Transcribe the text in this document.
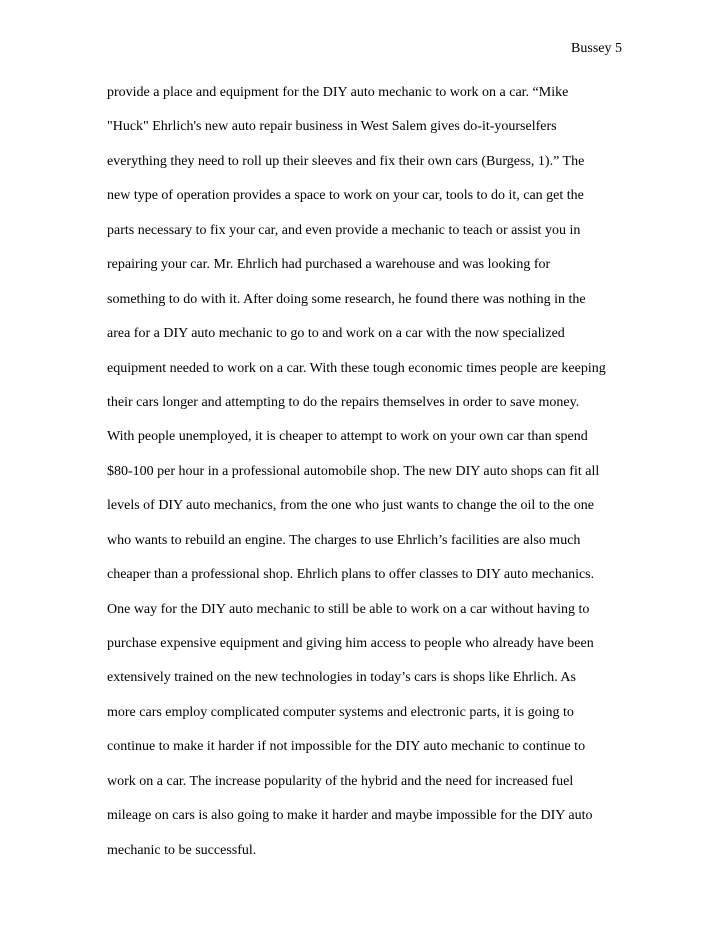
Bussey 5
provide a place and equipment for the DIY auto mechanic to work on a car. “Mike
"Huck" Ehrlich's new auto repair business in West Salem gives do-it-yourselfers
everything they need to roll up their sleeves and fix their own cars (Burgess, 1).” The
new type of operation provides a space to work on your car, tools to do it, can get the
parts necessary to fix your car, and even provide a mechanic to teach or assist you in
repairing your car. Mr. Ehrlich had purchased a warehouse and was looking for
something to do with it. After doing some research, he found there was nothing in the
area for a DIY auto mechanic to go to and work on a car with the now specialized
equipment needed to work on a car. With these tough economic times people are keeping
their cars longer and attempting to do the repairs themselves in order to save money.
With people unemployed, it is cheaper to attempt to work on your own car than spend
$80-100 per hour in a professional automobile shop. The new DIY auto shops can fit all
levels of DIY auto mechanics, from the one who just wants to change the oil to the one
who wants to rebuild an engine. The charges to use Ehrlich’s facilities are also much
cheaper than a professional shop. Ehrlich plans to offer classes to DIY auto mechanics.
One way for the DIY auto mechanic to still be able to work on a car without having to
purchase expensive equipment and giving him access to people who already have been
extensively trained on the new technologies in today’s cars is shops like Ehrlich. As
more cars employ complicated computer systems and electronic parts, it is going to
continue to make it harder if not impossible for the DIY auto mechanic to continue to
work on a car. The increase popularity of the hybrid and the need for increased fuel
mileage on cars is also going to make it harder and maybe impossible for the DIY auto
mechanic to be successful.
